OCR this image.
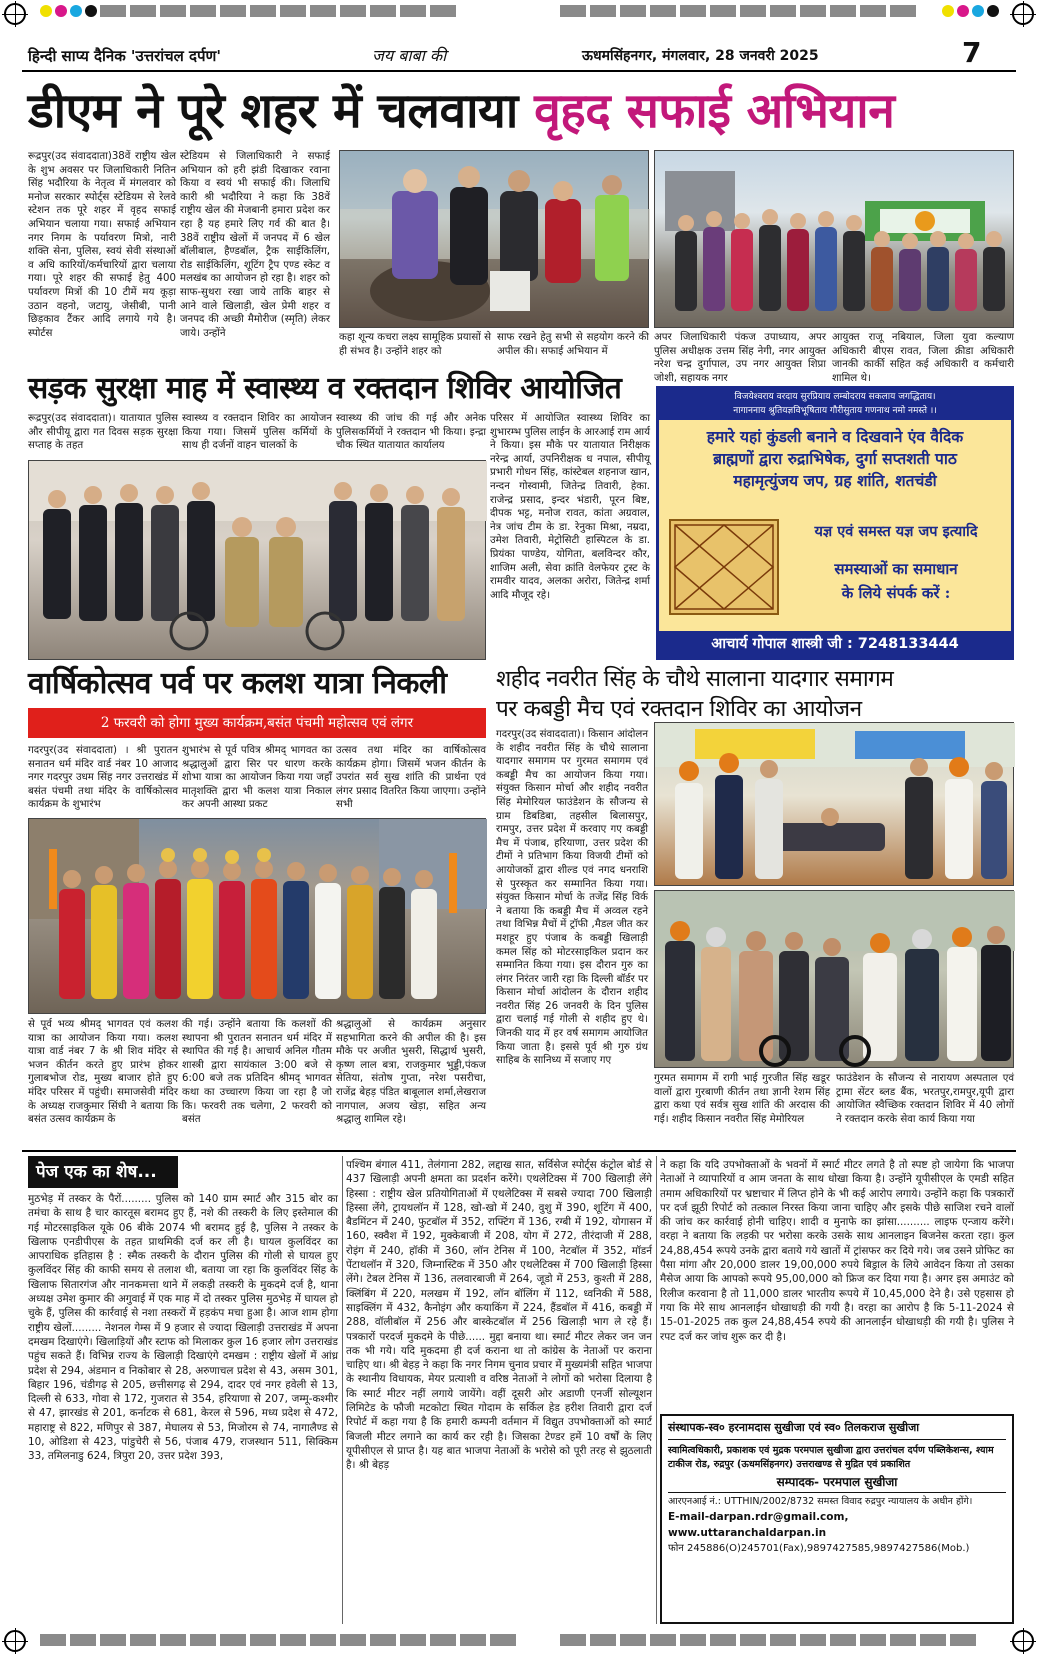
हिन्दी साप्य दैनिक 'उत्तरांचल दर्पण'	जय बाबा की	ऊधमसिंहनगर, मंगलवार, 28 जनवरी 2025	7
डीएम ने पूरे शहर में चलवाया वृहद सफाई अभियान
रूद्रपुर(उद संवाददाता)38वें राष्ट्रीय खेल के शुभ अवसर पर जिलाधिकारी नितिन सिंह भदौरिया के नेतृत्व में मंगलवार को मनोज सरकार स्पोर्ट्स स्टेडियम से रेलवे स्टेशन तक पूरे शहर में वृहद सफाई अभियान चलाया गया। सफाई अभियान नगर निगम के पर्यावरण मित्रो, नारी शक्ति सेना, पुलिस, स्वयं सेवी संस्थाओं व अधि कारियों/कर्मचारियों द्वारा चलाया गया। पूरे शहर की सफाई हेतु 400 पर्यावरण मित्रों की 10 टीमें मय कूड़ा उठान वहनो, जटायु, जेसीबी, पानी छिड़काव टैंकर आदि लगाये गये है। स्पोर्टस
स्टेडियम से जिलाधिकारी ने सफाई अभियान को हरी झंडी दिखाकर रवाना किया व स्वयं भी सफाई की। जिलाधि कारी श्री भदौरिया ने कहा कि 38वें राष्ट्रीय खेल की मेजबानी हमारा प्रदेश कर रहा है यह हमारे लिए गर्व की बात है। 38वें राष्ट्रीय खेलों में जनपद में 6 खेल बॉलीबाल, हैण्डबॉल, ट्रैक साईकिलिंग, रोड साईकिलिंग, शूटिंग ट्रैप एण्ड स्केट व मलखंब का आयोजन हो रहा है। शहर को साफ-सुथरा रखा जाये ताकि बाहर से आने वाले खिलाड़ी, खेल प्रेमी शहर व जनपद की अच्छी मैमोरीज (स्मृति) लेकर जाये। उन्होंने	कहा शून्य कचरा लक्ष्य सामूहिक प्रयासों से ही संभव है। उन्होंने शहर को
साफ रखने हेतु सभी से सहयोग करने की अपील की। सफाई अभियान में
अपर जिलाधिकारी पंकज उपाध्याय, अपर पुलिस अधीक्षक उत्तम सिंह नेगी, नगर आयुक्त नरेश चन्द्र दुर्गापाल, उप नगर आयुक्त शिप्रा जोशी, सहायक नगर
आयुक्त राजू नबियाल, जिला युवा कल्याण अधिकारी बीएस रावत, जिला क्रीडा अधिकारी जानकी कार्की सहित कई अधिकारी व कर्मचारी शामिल थे।
सड़क सुरक्षा माह में स्वास्थ्य व रक्तदान शिविर आयोजित
रूद्रपुर(उद संवाददाता)। यातायात पुलिस और सीपीयू द्वारा गत दिवस सड़क सुरक्षा सप्ताह के तहत
स्वास्थ्य व रक्तदान शिविर का आयोजन किया गया। जिसमें पुलिस कर्मियों के साथ ही दर्जनों वाहन चालकों के
स्वास्थ्य की जांच की गई और अनेक पुलिसकर्मियों ने रक्तदान भी किया। इन्द्रा चौक स्थित यातायात कार्यालय
परिसर में आयोजित स्वास्थ्य शिविर का शुभारम्भ पुलिस लाईन के आरआई राम आर्य ने किया। इस मौके पर यातायात निरीक्षक नरेन्द्र आर्या, उपनिरीक्षक ध नपाल, सीपीयू प्रभारी गोधन सिंह, कांस्टेबल शहनाज खान, नन्दन गोस्वामी, जितेन्द्र तिवारी, हेका. राजेन्द्र प्रसाद, इन्दर भंडारी, पूरन बिष्ट, दीपक भट्ट, मनोज रावत, कांता अग्रवाल, नेत्र जांच टीम के डा. रेनुका मिश्रा, नम्रदा, उमेश तिवारी, मेट्रोसिटी हास्पिटल के डा. प्रियंका पाण्डेय, योगिता, बलविन्दर कौर, शाजिम अली, सेवा क्रांति वेलफेयर ट्रस्ट के रामवीर यादव, अलका अरोरा, जितेन्द्र शर्मा आदि मौजूद रहे।
विजयेश्वराय वरदाय सुरप्रियाय लम्बोदराय सकलाय जगद्धिताय।
नागाननाय श्रुतियज्ञविभूषिताय गौरीसुताय गणनाथ नमो नमस्ते ।।
हमारे यहां कुंडली बनाने व दिखवाने एंव वैदिक
ब्राह्मणों द्वारा रुद्राभिषेक, दुर्गा सप्तशती पाठ
महामृत्युंजय जप, ग्रह शांति, शतचंडी
यज्ञ एवं समस्त यज्ञ जप इत्यादि
समस्याओं का समाधान
के लिये संपर्क करें :
आचार्य गोपाल शास्त्री जी : 7248133444
वार्षिकोत्सव पर्व पर कलश यात्रा निकली
2 फरवरी को होगा मुख्य कार्यक्रम,बसंत पंचमी महोत्सव एवं लंगर
गदरपुर(उद संवाददाता) । श्री पुरातन सनातन धर्म मंदिर वार्ड नंबर 10 आजाद नगर गदरपुर उधम सिंह नगर उत्तराखंड में बसंत पंचमी तथा मंदिर के वार्षिकोत्सव कार्यक्रम के शुभारंभ
शुभारंभ से पूर्व पवित्र श्रीमद् भागवत का श्रद्धालुओं द्वारा सिर पर धारण करके शोभा यात्रा का आयोजन किया गया जहाँ मातृशक्ति द्वारा भी कलश यात्रा निकाल कर अपनी आस्था प्रकट
उत्सव तथा मंदिर का वार्षिकोत्सव कार्यक्रम होगा। जिसमें भजन कीर्तन के उपरांत सर्व सुख शांति की प्रार्थना एवं लंगर प्रसाद वितरित किया जाएगा। उन्होंने सभी
से पूर्व भव्य श्रीमद् भागवत एवं कलश यात्रा का आयोजन किया गया। कलश यात्रा वार्ड नंबर 7 के श्री शिव मंदिर से भजन कीर्तन करते हुए प्रारंभ होकर गुलाबभोज रोड, मुख्य बाजार होते हुए मंदिर परिसर में पहुंची। समाजसेवी मंदिर के अध्यक्ष राजकुमार सिंधी ने बताया कि बसंत उत्सव कार्यक्रम के
की गई। उन्होंने बताया कि कलशों की स्थापना श्री पुरातन सनातन धर्म मंदिर में स्थापित की गई है। आचार्य अनिल गौतम शास्त्री द्वारा सायंकाल 3:00 बजे से 6:00 बजे तक प्रतिदिन श्रीमद् भागवत कथा का उच्चारण किया जा रहा है जो कि। फरवरी तक चलेगा, 2 फरवरी को बसंत
श्रद्धालुओं से कार्यक्रम अनुसार सहभागिता करने की अपील की है। इस मौके पर अजीत भुसरी, सिद्धार्थ भुसरी, कृष्ण लाल बत्रा, राजकुमार भुड्डी,पंकज सेतिया, संतोष गुप्ता, नरेश पसरीचा, राजेंद्र बेहड़ पंडित बाबूलाल शर्मा,लेखराज नागपाल, अजय खेड़ा, सहित अन्य श्रद्धालु शामिल रहे।
शहीद नवरीत सिंह के चौथे सालाना यादगार समागम
पर कबड्डी मैच एवं रक्तदान शिविर का आयोजन
गदरपुर(उद संवाददाता)। किसान आंदोलन के शहीद नवरीत सिंह के चौथे सालाना यादगार समागम पर गुरमत समागम एवं कबड्डी मैच का आयोजन किया गया। संयुक्त किसान मोर्चा और शहीद नवरीत सिंह मेमोरियल फाउंडेशन के सौजन्य से ग्राम डिबडिबा, तहसील बिलासपुर, रामपुर, उत्तर प्रदेश में करवाए गए कबड्डी मैच में पंजाब, हरियाणा, उत्तर प्रदेश की टीमों ने प्रतिभाग किया विजयी टीमों को आयोजकों द्वारा शील्ड एवं नगद धनराशि से पुरस्कृत कर सम्मानित किया गया। संयुक्त किसान मोर्चा के तजेंद्र सिंह विर्क ने बताया कि कबड्डी मैच में अव्वल रहने तथा विभिन्न मैचों में ट्रॉफी ,मैडल जीत कर मशहूर हुए पंजाब के कबड्डी खिलाड़ी कमल सिंह को मोटरसाइकिल प्रदान कर सम्मानित किया गया। इस दौरान गुरु का लंगर निरंतर जारी रहा कि दिल्ली बॉर्डर पर किसान मोर्चा आंदोलन के दौरान शहीद नवरीत सिंह 26 जनवरी के दिन पुलिस द्वारा चलाई गई गोली से शहीद हुए थे। जिनकी याद में हर वर्ष समागम आयोजित किया जाता है। इससे पूर्व श्री गुरु ग्रंथ साहिब के सानिध्य में सजाए गए
गुरमत समागम में रागी भाई गुरजीत सिंह खडूर वालों द्वारा गुरबाणी कीर्तन तथा ज्ञानी रेशम सिंह द्वारा कथा एवं सर्वत्र सुख शांति की अरदास की गई। शहीद किसान नवरीत सिंह मेमोरियल
फाउंडेशन के सौजन्य से नारायण अस्पताल एवं ट्रामा सेंटर ब्लड बैंक, भरतपुर,रामपुर,यूपी द्वारा आयोजित स्वैच्छिक रक्तदान शिविर में 40 लोगों ने रक्तदान करके सेवा कार्य किया गया
पेज एक का शेष...
मुठभेड़ में तस्कर के पैरों......... पुलिस को 140 ग्राम स्मार्ट और 315 बोर का तमंचा के साथ है चार कारतूस बरामद हुए हैं, नशे की तस्करी के लिए इस्तेमाल की गई मोटरसाइकिल यूके 06 बीके 2074 भी बरामद हुई है, पुलिस ने तस्कर के खिलाफ एनडीपीएस के तहत प्राथमिकी दर्ज कर ली है। घायल कुलविंदर का आपराधिक इतिहास है : स्मैक तस्करी के दौरान पुलिस की गोली से घायल हुए कुलविंदर सिंह की काफी समय से तलाश थी, बताया जा रहा कि कुलविंदर सिंह के खिलाफ सितारगंज और नानकमत्ता थाने में लकड़ी तस्करी के मुकदमे दर्ज है, थाना अध्यक्ष उमेश कुमार की अगुवाई में एक माह में दो तस्कर पुलिस मुठभेड़ में घायल हो चुके हैं, पुलिस की कार्रवाई से नशा तस्करों में हड़कंप मचा हुआ है। आज शाम होगा राष्ट्रीय खेलों......... नेशनल गेम्स में 9 हजार से ज्यादा खिलाड़ी उत्तराखंड में अपना दमखम दिखाएंगे। खिलाड़ियों और स्टाफ को मिलाकर कुल 16 हजार लोग उत्तराखंड पहुंच सकते हैं। विभिन्न राज्य के खिलाड़ी दिखाएंगे दमखम : राष्ट्रीय खेलों में आंध्र प्रदेश से 294, अंडमान व निकोबार से 28, अरुणाचल प्रदेश से 43, असम 301, बिहार 196, चंडीगढ़ से 205, छत्तीसगढ़ से 294, दादर एवं नगर हवेली से 13, दिल्ली से 633, गोवा से 172, गुजरात से 354, हरियाणा से 207, जम्मू-कश्मीर से 47, झारखंड से 201, कर्नाटक से 681, केरल से 596, मध्य प्रदेश से 472, महाराष्ट्र से 822, मणिपुर से 387, मेघालय से 53, मिजोरम से 74, नागालैण्ड से 10, ओडिशा से 423, पांडुचेरी से 56, पंजाब 479, राजस्थान 511, सिक्किम 33, तमिलनाडु 624, त्रिपुरा 20, उत्तर प्रदेश 393,
पश्चिम बंगाल 411, तेलंगाना 282, लद्दाख सात, सर्विसेज स्पोर्ट्स कंट्रोल बोर्ड से 437 खिलाड़ी अपनी क्षमता का प्रदर्शन करेंगे। एथलेटिक्स में 700 खिलाड़ी लेंगे हिस्सा : राष्ट्रीय खेल प्रतियोगिताओं में एथलेटिक्स में सबसे ज्यादा 700 खिलाड़ी हिस्सा लेंगे, ट्रायथलॉन में 128, खो-खो में 240, वुशु में 390, शूटिंग में 400, बैडमिंटन में 240, फुटबॉल में 352, राफ्टिंग में 136, रग्बी में 192, योगासन में 160, स्क्वैश में 192, मुक्केबाजी में 208, योग में 272, तीरंदाजी में 288, रोइंग में 240, हॉकी में 360, लॉन टेनिस में 100, नेटबॉल में 352, मॉडर्न पेंटाथलॉन में 320, जिम्नास्टिक में 350 और एथलेटिक्स में 700 खिलाड़ी हिस्सा लेंगे। टेबल टेनिस में 136, तलवारबाजी में 264, जूडो में 253, कुश्ती में 288, क्लिंबिंग में 220, मलखम में 192, लॉन बॉलिंग में 112, ध्वनिकी में 588, साइक्लिंग में 432, कैनोइंग और कयाकिंग में 224, हैंडबॉल में 416, कबड्डी में 288, वॉलीबॉल में 256 और बास्केटबॉल में 256 खिलाड़ी भाग ले रहे हैं। पत्रकारों परदर्ज मुकदमे के पीछे...... मुद्दा बनाया था। स्मार्ट मीटर लेकर जन जन तक भी गये। यदि मुकदमा ही दर्ज कराना था तो कांग्रेस के नेताओं पर कराना चाहिए था। श्री बेहड़ ने कहा कि नगर निगम चुनाव प्रचार में मुख्यमंत्री सहित भाजपा के स्थानीय विधायक, मेयर प्रत्याशी व वरिष्ठ नेताओं ने लोगों को भरोसा दिलाया है कि स्मार्ट मीटर नहीं लगाये जायेंगे। वहीं दूसरी ओर अडाणी एनर्जी सोल्यूशन लिमिटेड के फौजी मटकोटा स्थित गोदाम के सर्किल हेड हरीश तिवारी द्वारा दर्ज रिपोर्ट में कहा गया है कि हमारी कम्पनी वर्तमान में विद्युत उपभोक्ताओं को स्मार्ट बिजली मीटर लगाने का कार्य कर रही है। जिसका टेण्डर हमें 10 वर्षों के लिए यूपीसीएल से प्राप्त है। यह बात भाजपा नेताओं के भरोसे को पूरी तरह से झुठलाती है। श्री बेहड़
ने कहा कि यदि उपभोक्ताओं के भवनों में स्मार्ट मीटर लगते है तो स्पष्ट हो जायेगा कि भाजपा नेताओं ने व्यापारियों व आम जनता के साथ धोखा किया है। उन्होंने यूपीसीएल के एमडी सहित तमाम अधिकारियों पर भ्रष्टाचार में लिप्त होने के भी कई आरोप लगाये। उन्होंने कहा कि पत्रकारों पर दर्ज झूठी रिपोर्ट को तत्काल निरस्त किया जाना चाहिए और इसके पीछे साजिश रचने वालों की जांच कर कार्रवाई होनी चाहिए। शादी व मुनाफे का झांसा.......... लाइफ एन्जाय करेंगे। वरहा ने बताया कि लड़की पर भरोसा करके उसके साथ आनलाइन बिजनेस करता रहा। कुल 24,88,454 रूपये उनके द्वारा बताये गये खातों में ट्रांसफर कर दिये गये। जब उसने प्रोफिट का पैसा मांगा और 20,000 डालर 19,00,000 रुपये बिड्राल के लिये आवेदन किया तो उसका मैसेज आया कि आपको रूपये 95,00,000 को फ्रिज कर दिया गया है। अगर इस अमाउंट को रिलीज करवाना है तो 11,000 डालर भारतीय रूपये में 10,45,000 देने है। उसे एहसास हो गया कि मेरे साथ आनलाईन धोखाधड़ी की गयी है। वरहा का आरोप है कि 5-11-2024 से 15-01-2025 तक कुल 24,88,454 रुपये की आनलाईन धोखाधड़ी की गयी है। पुलिस ने रपट दर्ज कर जांच शुरू कर दी है।
संस्थापक-स्व० हरनामदास सुखीजा एवं स्व० तिलकराज सुखीजा
स्वामित्वधिकारी, प्रकाशक एवं मुद्रक परमपाल सुखीजा द्वारा उत्तरांचल दर्पण पब्लिकेशन्स, श्याम टाकीज रोड, रुद्रपुर (ऊधमसिंहनगर) उत्तराखण्ड से मुद्रित एवं प्रकाशित
सम्पादक- परमपाल सुखीजा
आरएनआई नं.: UTTHIN/2002/8732 समस्त विवाद रुद्रपुर न्यायालय के अधीन होंगे।
E-mail-darpan.rdr@gmail.com, www.uttaranchaldarpan.in
फोन 245886(O)245701(Fax),9897427585,9897427586(Mob.)
